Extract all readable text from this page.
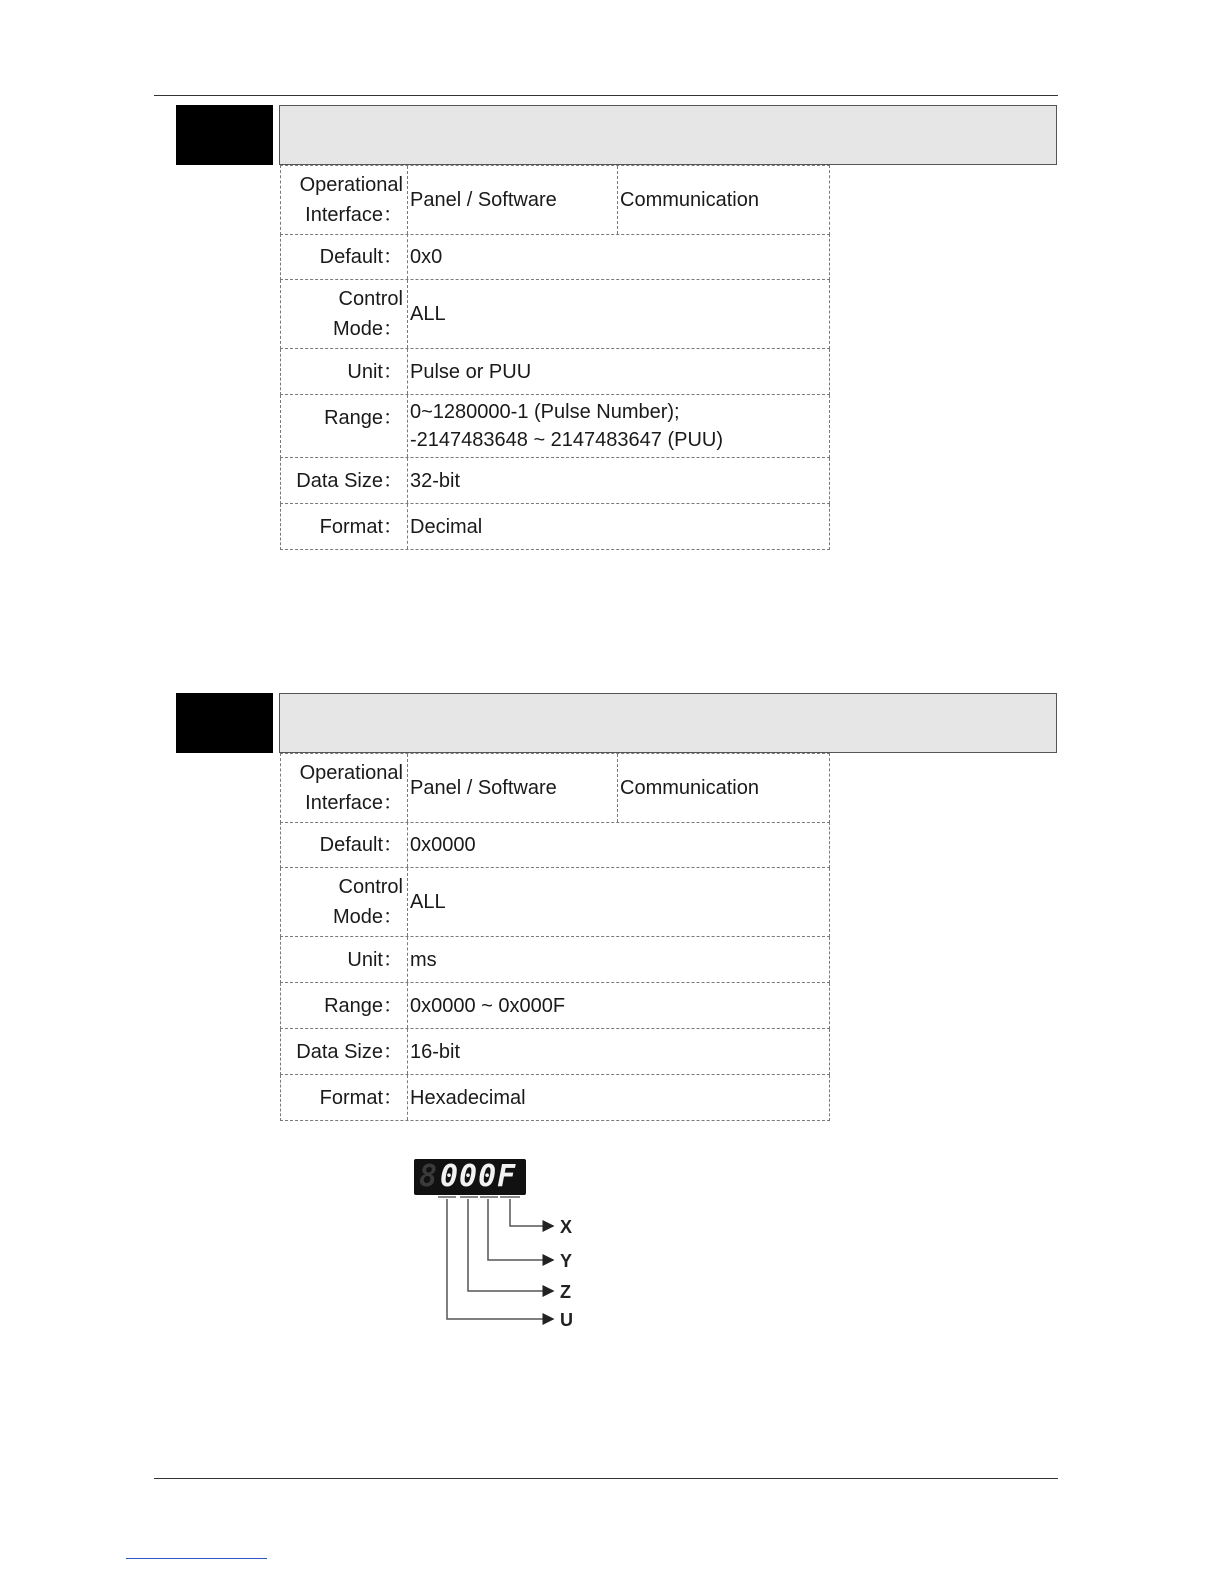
Operational
Interface：
Panel / Software	Communication
Default： 0x0
Control
Mode：
ALL
Unit： Pulse or PUU
Range： 0~1280000-1 (Pulse Number);
-2147483648 ~ 2147483647 (PUU)
Data Size： 32-bit
Format： Decimal
Operational
Interface：
Panel / Software	Communication
Default： 0x0000
Control
Mode：
ALL
Unit： ms
Range： 0x0000 ~ 0x000F
Data Size： 16-bit
Format： Hexadecimal
8 000F
X
Y
Z
U
